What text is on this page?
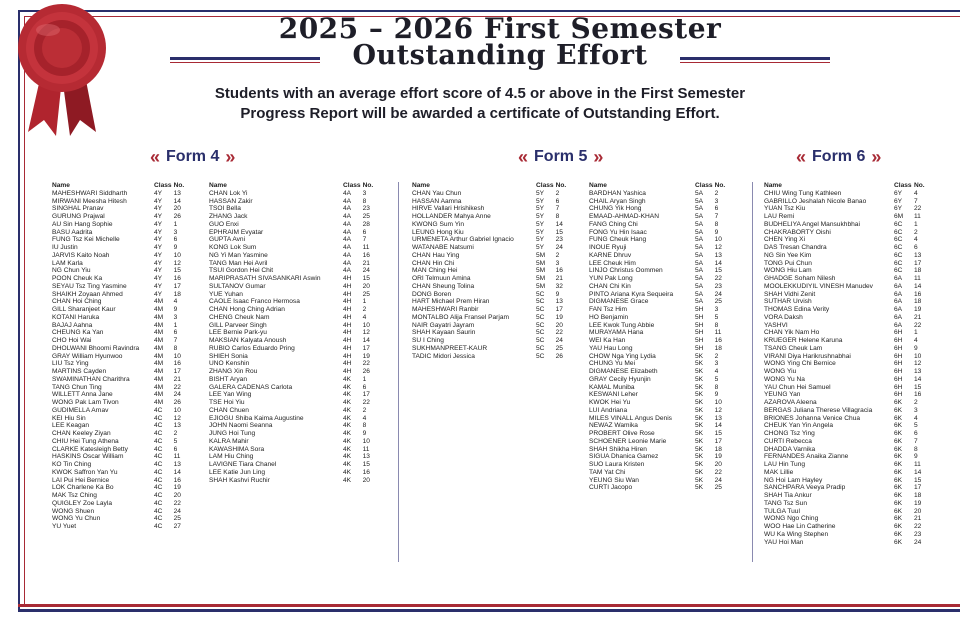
2025 – 2026 First Semester
Outstanding Effort
Students with an average effort score of 4.5 or above in the First Semester
Progress Report will be awarded a certificate of Outstanding Effort.
« Form 4 »	« Form 5 »	« Form 6 »
Name	Class	No.
MAHESHWARI Siddharth	4Y	13
MIRWANI Meesha Hitesh	4Y	14
SINGHAL Pranav	4Y	20
GURUNG Prajwal	4Y	26
AU Sin Hang Sophie	4Y	1
BASU Aadrita	4Y	3
FUNG Tsz Kei Michelle	4Y	6
IU Justin	4Y	9
JARVIS Kaito Noah	4Y	10
LAM Karla	4Y	12
NG Chun Yiu	4Y	15
POON Cheuk Ka	4Y	16
SEYAU Tsz Ting Yasmine	4Y	17
SHAIKH Zoyaan Ahmed	4Y	18
CHAN Hoi Ching	4M	4
GILL Sharanjeet Kaur	4M	9
KOTANI Haruka	4M	3
BAJAJ Aahna	4M	1
CHEUNG Ka Yan	4M	6
CHO Hoi Wai	4M	7
DHOLWANI Bhoomi Ravindra	4M	8
GRAY William Hyunwoo	4M	10
LIU Tsz Ying	4M	16
MARTINS Cayden	4M	17
SWAMINATHAN Charithra	4M	21
TANG Chun Ting	4M	22
WILLETT Anna Jane	4M	24
WONG Pak Lam Tivon	4M	26
GUDIMELLA Arnav	4C	10
KEI Hiu Sin	4C	12
LEE Keagan	4C	13
CHAN Keeley Ziyan	4C	2
CHIU Hei Tung Athena	4C	5
CLARKE Katesleigh Betty	4C	6
HASKINS Oscar William	4C	11
KO Tin Ching	4C	13
KWOK Saffron Yan Yu	4C	14
LAI Pui Hei Bernice	4C	16
LOK Charlene Ka Bo	4C	19
MAK Tsz Ching	4C	20
QUIGLEY Zoe Layla	4C	22
WONG Shuen	4C	24
WONG Yu Chun	4C	25
YU Yuet	4C	27
Name	Class	No.
CHAN Lok Yi	4A	3
HASSAN Zakir	4A	8
TSOI Bella	4A	23
ZHANG Jack	4A	25
GUO Enxi	4A	28
EPHRAIM Evyatar	4A	6
GUPTA Avni	4A	7
KONG Lok Sum	4A	11
NG Yi Man Yasmine	4A	16
TANG Man Hei Avril	4A	21
TSUI Gordon Hei Chit	4A	24
MARIPRASATH SIVASANKARI Aswin	4H	15
SULTANOV Gumar	4H	20
YUE Yuhan	4H	25
CAOLE Isaac Franco Hermosa	4H	1
CHAN Hong Ching Adrian	4H	2
CHENG Cheuk Nam	4H	4
GILL Parveer Singh	4H	10
LEE Bernie Park-yu	4H	12
MAKSIAN Kalyata Anoush	4H	14
RUBIO Carlos Eduardo Pring	4H	17
SHIEH Sonia	4H	19
UNO Kenshin	4H	22
ZHANG Xin Rou	4H	26
BISHT Aryan	4K	1
GALERA CADENAS Carlota	4K	6
LEE Yan Wing	4K	17
TSE Hoi Yiu	4K	22
CHAN Chuen	4K	2
EJIOGU Shiba Kaima Augustine	4K	4
JOHN Naomi Seanna	4K	8
JUNG Hoi Tung	4K	9
KALRA Mahir	4K	10
KAWASHIMA Sora	4K	11
LAM Hiu Ching	4K	13
LAVIGNE Tiara Chanel	4K	15
LEE Katie Jun Ling	4K	16
SHAH Kashvi Ruchir	4K	20
Name	Class	No.
CHAN Yau Chun	5Y	2
HASSAN Aamna	5Y	6
HIRVE Vallari Hrishikesh	5Y	7
HOLLANDER Mahya Anne	5Y	8
KWONG Sum Yin	5Y	14
LEUNG Hong Kiu	5Y	15
URMENETA Arthur Gabriel Ignacio	5Y	23
WATANABE Natsumi	5Y	24
CHAN Hau Ying	5M	2
CHAN Hin Chi	5M	3
MAN Ching Hei	5M	16
ORI Telmuun Amina	5M	21
CHAN Sheung Tolina	5M	32
DONG Boren	5C	9
HART Michael Prem Hiran	5C	13
MAHESHWARI Ranbir	5C	17
MONTALBO Alija Fransel Parjam	5C	19
NAIR Gayatri Jayram	5C	20
SHAH Kayaan Saurin	5C	22
SU I Ching	5C	24
SUKHMANPREET-KAUR	5C	25
TADIC Midori Jessica	5C	26
Name	Class	No.
BARDHAN Yashica	5A	2
CHAIL Aryan Singh	5A	3
CHUNG Yik Hong	5A	6
EMAAD-AHMAD-KHAN	5A	7
FANG Ching Chi	5A	8
FONG Yu Hin Isaac	5A	9
FUNG Cheuk Hang	5A	10
INOUE Ryuji	5A	12
KARNE Dhruv	5A	13
LEE Cheuk Him	5A	14
LINJO Christus Oommen	5A	15
YUN Pak Long	5A	22
CHAN Chi Kin	5A	23
PINTO Ariana Kyra Sequeira	5A	24
DIGMANESE Grace	5A	25
FAN Tsz Him	5H	3
HO Benjamin	5H	5
LEE Kwok Tung Abbie	5H	8
MURAYAMA Hana	5H	11
WEI Ka Han	5H	16
YAU Hau Long	5H	18
CHOW Nga Ying Lydia	5K	2
CHUNG Yu Mei	5K	3
DIGMANESE Elizabeth	5K	4
GRAY Cecily Hyunjin	5K	5
KAMAL Muniba	5K	8
KESWANI Leher	5K	9
KWOK Hei Yu	5K	10
LUI Andriana	5K	12
MILES VINALL Angus Denis	5K	13
NEWAZ Wamika	5K	14
PROBERT Olive Rose	5K	15
SCHOENER Leonie Marie	5K	17
SHAH Shikha Hiren	5K	18
SIGUA Dhanica Gamez	5K	19
SUO Laura Kristen	5K	20
TAM Yat Chi	5K	22
YEUNG Siu Wan	5K	24
CURTI Jacopo	5K	25
Name	Class	No.
CHIU Wing Tung Kathleen	6Y	4
GABRILLO Jeshalah Nicole Banao	6Y	7
YUAN Tsz Kiu	6Y	22
LAU Remi	6M	11
BUDHELIYA Angel Mansukhbhai	6C	1
CHAKRABORTY Oishi	6C	2
CHEN Ying Xi	6C	4
DAS Tresan Chandra	6C	6
NG Sin Yee Kim	6C	13
TONG Pui Chun	6C	17
WONG Hiu Lam	6C	18
GHADGE Soham Nilesh	6A	11
MOOLEKKUDIYIL VINESH Manudev	6A	14
SHAH Vidhi Zenit	6A	16
SUTHAR Urvish	6A	18
THOMAS Edina Verity	6A	19
VORA Daksh	6A	21
YASHVI	6A	22
CHAN Yik Nam Ho	6H	1
KRUEGER Helene Karuna	6H	4
TSANG Cheuk Lam	6H	9
VIRANI Diya Harikrushnabhai	6H	10
WONG Ying Chi Bernice	6H	12
WONG Yiu	6H	13
WONG Yu Na	6H	14
YAU Chun Hei Samuel	6H	15
YEUNG Yan	6H	16
AZAROVA Aleena	6K	2
BERGAS Juliana Therese Villagracia	6K	3
BRIONES Johanna Venice Chua	6K	4
CHEUK Yan Yin Angela	6K	5
CHONG Tsz Ying	6K	6
CURTI Rebecca	6K	7
DHADDA Varnika	6K	8
FERNANDES Anaika Zianne	6K	9
LAU Hin Tung	6K	11
MAK Lillie	6K	14
NG Hoi Lam Hayley	6K	15
SANCHPARA Veeya Pradip	6K	17
SHAH Tia Ankur	6K	18
TANG Tsz Sun	6K	19
TULGA Tuul	6K	20
WONG Ngo Ching	6K	21
WOO Hae Lin Catherine	6K	22
WU Ka Wing Stephen	6K	23
YAU Hoi Man	6K	24
